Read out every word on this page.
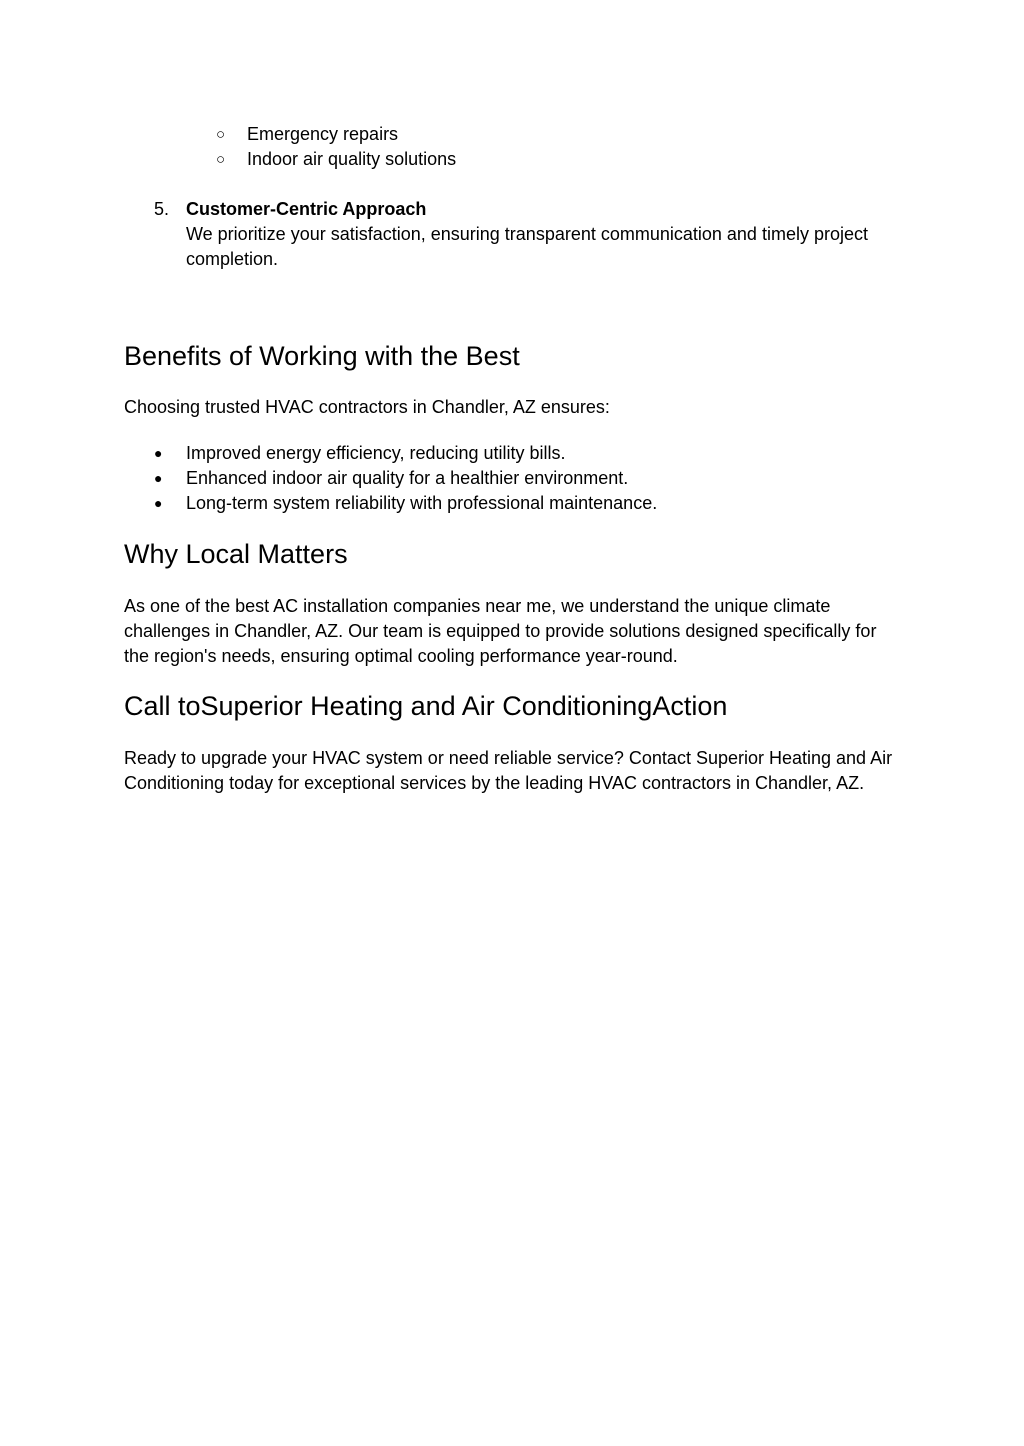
○ Emergency repairs
○ Indoor air quality solutions
5. Customer-Centric Approach
We prioritize your satisfaction, ensuring transparent communication and timely project completion.
Benefits of Working with the Best

Choosing trusted HVAC contractors in Chandler, AZ ensures:

● Improved energy efficiency, reducing utility bills.
● Enhanced indoor air quality for a healthier environment.
● Long-term system reliability with professional maintenance.
Why Local Matters

As one of the best AC installation companies near me, we understand the unique climate challenges in Chandler, AZ. Our team is equipped to provide solutions designed specifically for the region's needs, ensuring optimal cooling performance year-round.

Call toSuperior Heating and Air ConditioningAction

Ready to upgrade your HVAC system or need reliable service? Contact Superior Heating and Air Conditioning today for exceptional services by the leading HVAC contractors in Chandler, AZ.
